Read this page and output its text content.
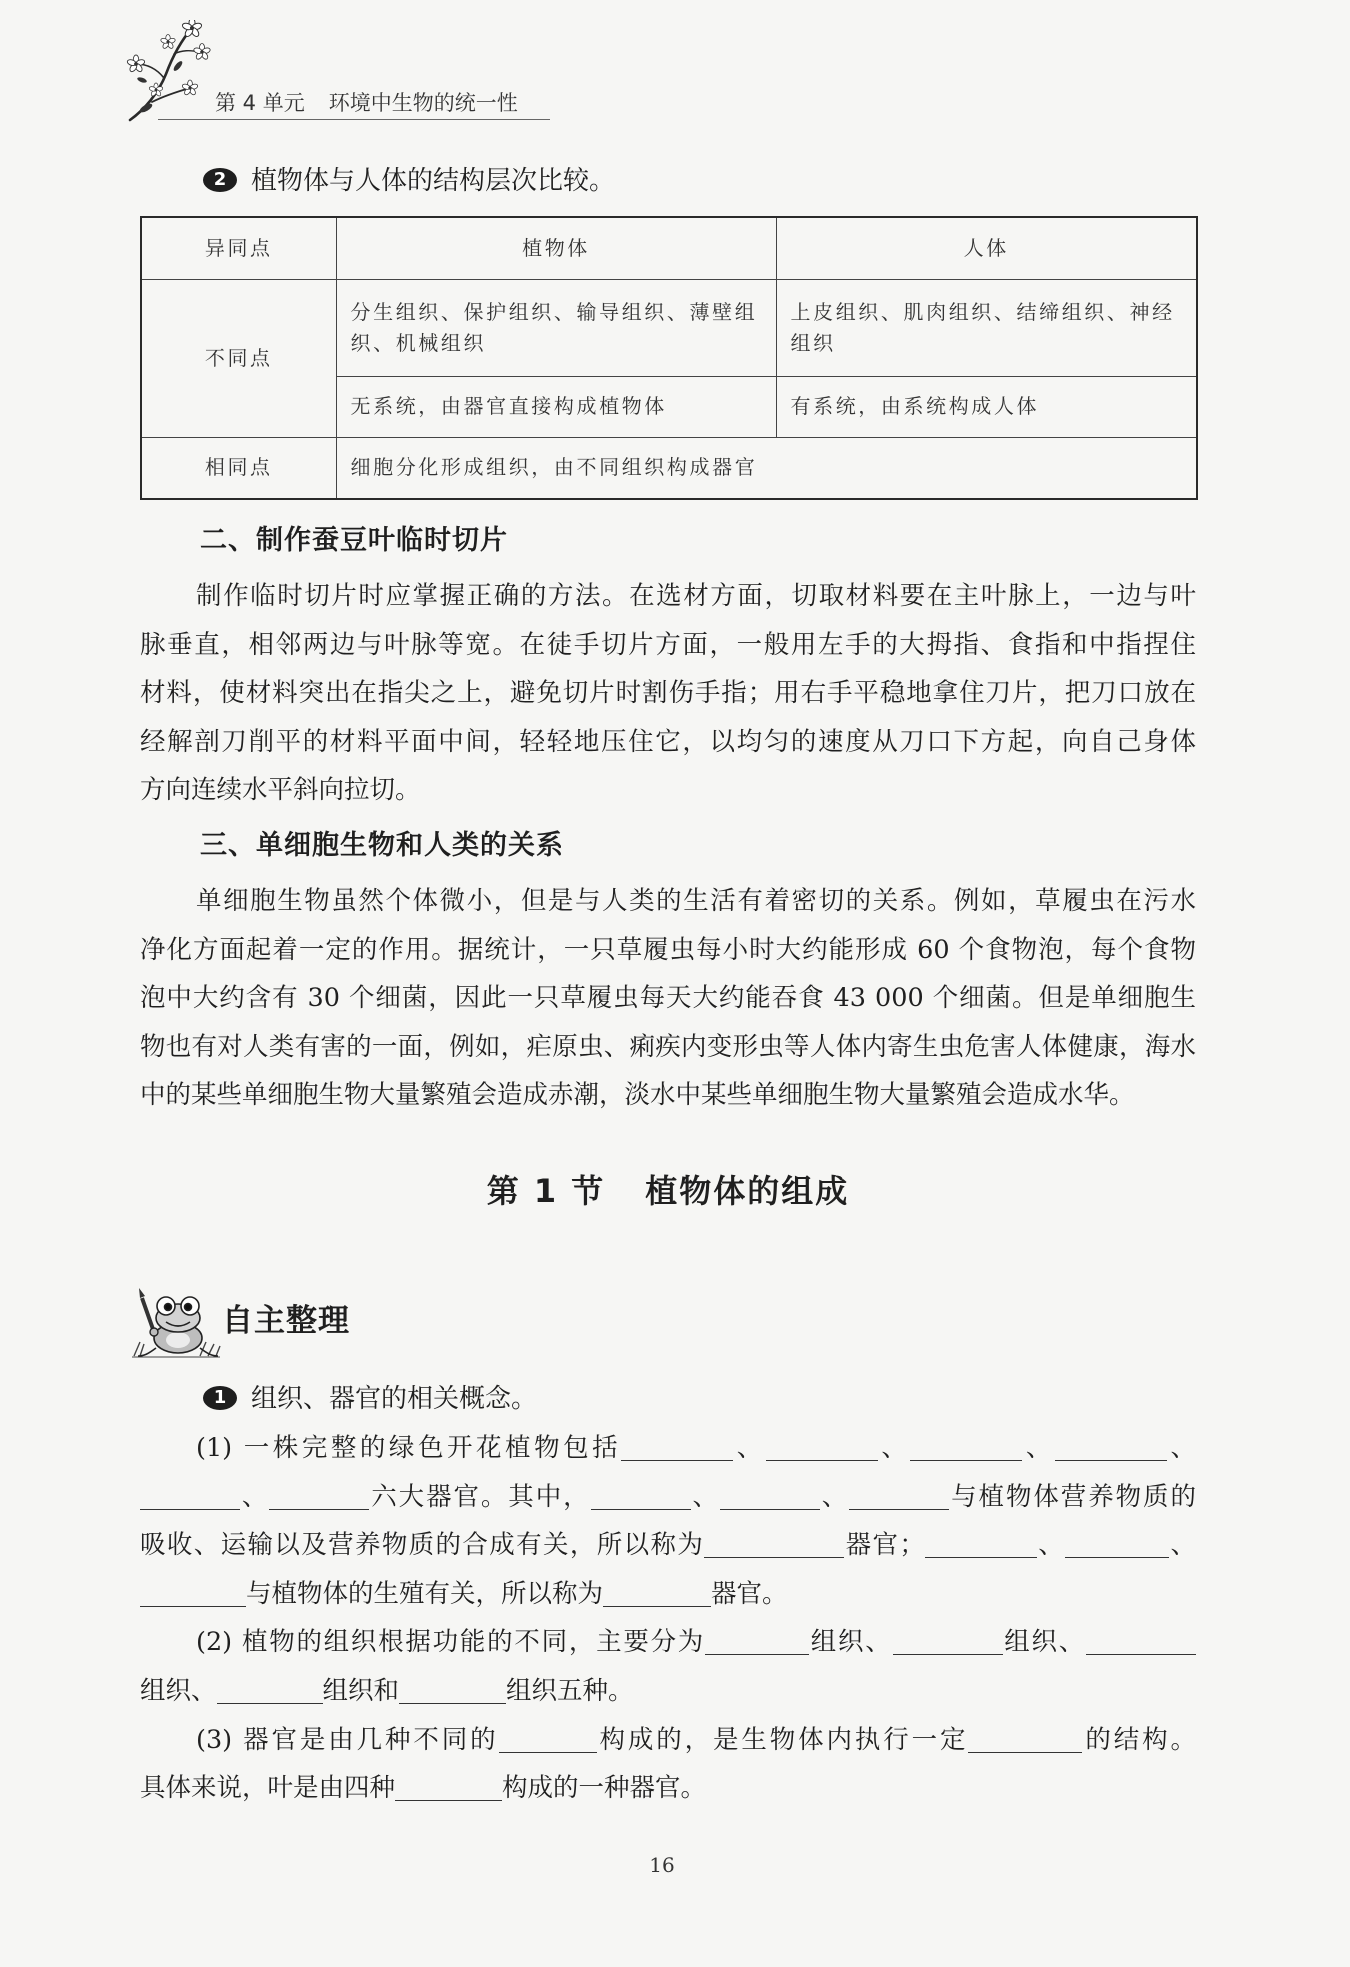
第 4 单元 环境中生物的统一性
2 植物体与人体的结构层次比较。
异同点	植物体	人体
不同点	分生组织、保护组织、输导组织、薄壁组织、机械组织	上皮组织、肌肉组织、结缔组织、神经组织
	无系统，由器官直接构成植物体	有系统，由系统构成人体
相同点	细胞分化形成组织，由不同组织构成器官	
二、制作蚕豆叶临时切片
制作临时切片时应掌握正确的方法。在选材方面，切取材料要在主叶脉上，一边与叶
脉垂直，相邻两边与叶脉等宽。在徒手切片方面，一般用左手的大拇指、食指和中指捏住
材料，使材料突出在指尖之上，避免切片时割伤手指；用右手平稳地拿住刀片，把刀口放在
经解剖刀削平的材料平面中间，轻轻地压住它，以均匀的速度从刀口下方起，向自己身体
方向连续水平斜向拉切。
三、单细胞生物和人类的关系
单细胞生物虽然个体微小，但是与人类的生活有着密切的关系。例如，草履虫在污水
净化方面起着一定的作用。据统计，一只草履虫每小时大约能形成 60 个食物泡，每个食物
泡中大约含有 30 个细菌，因此一只草履虫每天大约能吞食 43 000 个细菌。但是单细胞生
物也有对人类有害的一面，例如，疟原虫、痢疾内变形虫等人体内寄生虫危害人体健康，海水
中的某些单细胞生物大量繁殖会造成赤潮，淡水中某些单细胞生物大量繁殖会造成水华。
第 1 节 植物体的组成
自主整理
1 组织、器官的相关概念。
(1) 一株完整的绿色开花植物包括	、	、	、	、
、	六大器官。其中，	、	、	与植物体营养物质的
吸收、运输以及营养物质的合成有关，所以称为	器官；	、	、
与植物体的生殖有关，所以称为	器官。
(2) 植物的组织根据功能的不同，主要分为	组织、	组织、
组织、	组织和	组织五种。
(3) 器官是由几种不同的	构成的，是生物体内执行一定	的结构。
具体来说，叶是由四种	构成的一种器官。
16
